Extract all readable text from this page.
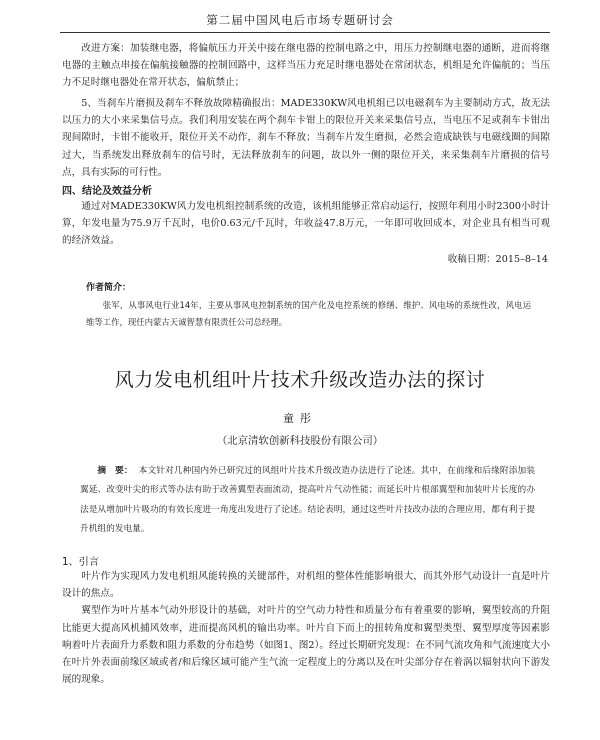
第二届中国风电后市场专题研讨会

改进方案：加装继电器，将偏航压力开关中接在继电器的控制电路之中，用压力控制继电器的通断，进而将继电器的主触点串接在偏航接触器的控制回路中，这样当压力充足时继电器处在常闭状态，机组是允许偏航的；当压力不足时继电器处在常开状态，偏航禁止；

5、当刹车片磨损及刹车不释放故障精确报出：MADE330KW风电机组已以电磁刹车为主要制动方式，故无法以压力的大小来采集信号点。我们利用安装在两个刹车卡钳上的限位开关来采集信号点，当电压不足或刹车卡钳出现间隙时，卡钳不能收开，限位开关不动作，刹车不释放；当刹车片发生磨损，必然会造成缺铁与电磁线圈的间隙过大，当系统发出释放刹车的信号时，无法释放刹车的问题，故以外一侧的限位开关，来采集刹车片磨损的信号点，具有实际的可行性。

四、结论及效益分析

通过对MADE330KW风力发电机组控制系统的改造，该机组能够正常启动运行，按照年利用小时2300小时计算，年发电量为75.9万千瓦时，电价0.63元/千瓦时，年收益47.8万元，一年即可收回成本，对企业具有相当可观的经济效益。

收稿日期：2015–8–14
作者简介：

张军，从事风电行业14年，主要从事风电控制系统的国产化及电控系统的修缮、维护、风电场的系统性改，风电运维等工作，现任内蒙古天诚智慧有限责任公司总经理。

风力发电机组叶片技术升级改造办法的探讨
童彤
（北京清软创新科技股份有限公司）

摘　要： 本文针对几种国内外已研究过的风组叶片技术升级改造办法进行了论述。其中，在前缘和后缘附添加装翼延、改变叶尖的形式等办法有助于改善翼型表面流动，提高叶片气动性能；而延长叶片根部翼型和加装叶片长度的办法是从增加叶片吸功的有效长度进一角度出发进行了论述。结论表明，通过这些叶片技改办法的合理应用，都有利于提升机组的发电量。

1、引言

叶片作为实现风力发电机组风能转换的关键部件，对机组的整体性能影响很大，而其外形气动设计一直是叶片设计的焦点。

翼型作为叶片基本气动外形设计的基础，对叶片的空气动力特性和质量分布有着重要的影响，翼型较高的升阻比能更大提高风机捕风效率，进而提高风机的输出功率。叶片自下而上的扭转角度和翼型类型、翼型厚度等因素影响着叶片表面升力系数和阻力系数的分布趋势（如图1、图2）。经过长期研究发现：在不同气流攻角和气流速度大小在叶片外表面前缘区域或者/和后缘区域可能产生气流一定程度上的分离以及在叶尖部分存在着涡以辐射状向下游发展的现象。
